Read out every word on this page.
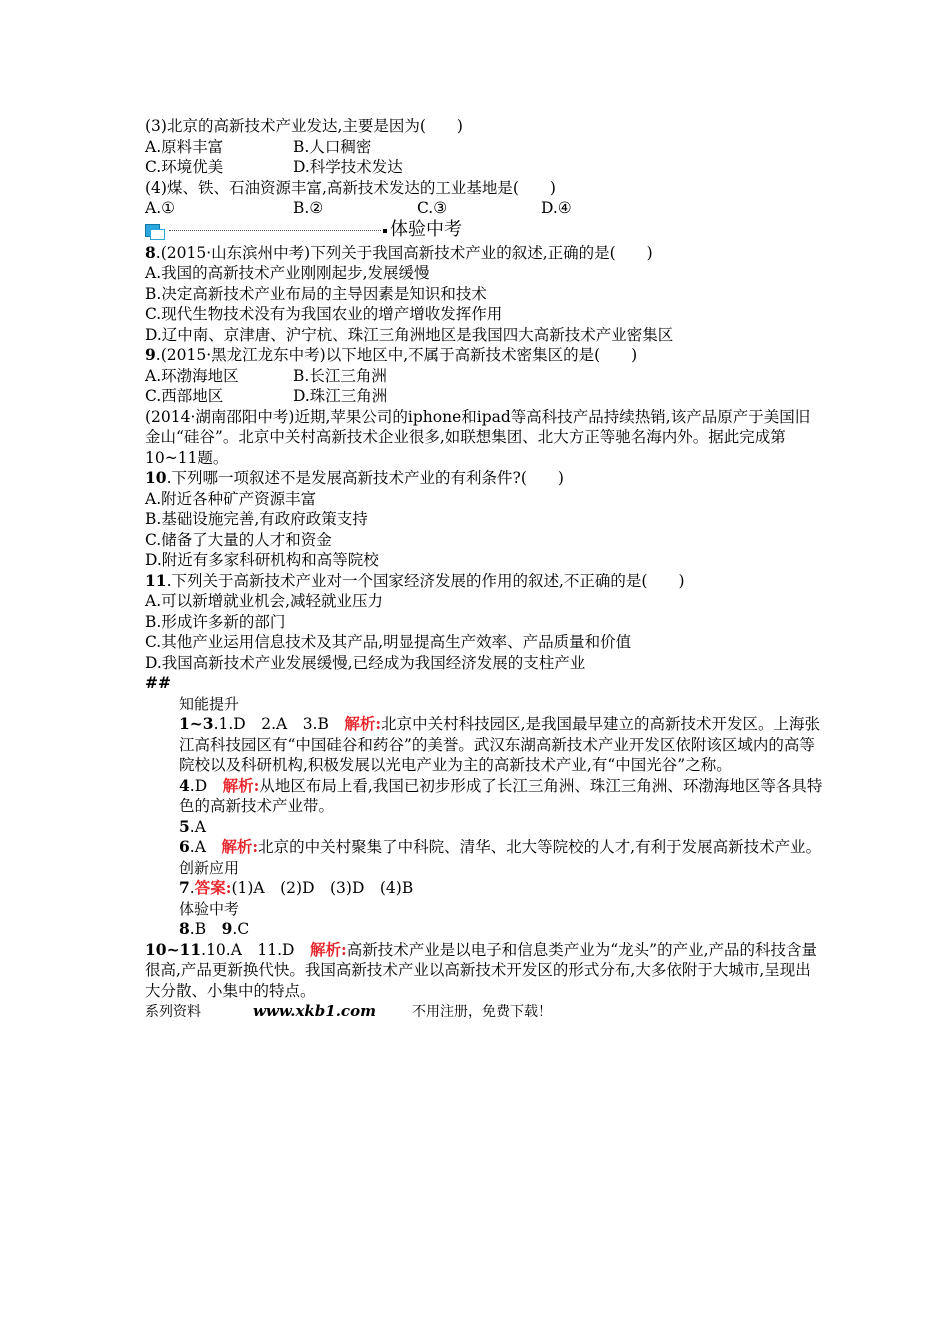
(3)北京的高新技术产业发达,主要是因为(　　)
A.原料丰富	B.人口稠密
C.环境优美	D.科学技术发达
(4)煤、铁、石油资源丰富,高新技术发达的工业基地是(　　)
A.①	B.②	C.③	D.④
体验中考
8.(2015·山东滨州中考)下列关于我国高新技术产业的叙述,正确的是(　　)
A.我国的高新技术产业刚刚起步,发展缓慢
B.决定高新技术产业布局的主导因素是知识和技术
C.现代生物技术没有为我国农业的增产增收发挥作用
D.辽中南、京津唐、沪宁杭、珠江三角洲地区是我国四大高新技术产业密集区
9.(2015·黑龙江龙东中考)以下地区中,不属于高新技术密集区的是(　　)
A.环渤海地区	B.长江三角洲
C.西部地区	D.珠江三角洲
(2014·湖南邵阳中考)近期,苹果公司的iphone和ipad等高科技产品持续热销,该产品原产于美国旧金山“硅谷”。北京中关村高新技术企业很多,如联想集团、北大方正等驰名海内外。据此完成第10~11题。
10.下列哪一项叙述不是发展高新技术产业的有利条件?(　　)
A.附近各种矿产资源丰富
B.基础设施完善,有政府政策支持
C.储备了大量的人才和资金
D.附近有多家科研机构和高等院校
11.下列关于高新技术产业对一个国家经济发展的作用的叙述,不正确的是(　　)
A.可以新增就业机会,减轻就业压力
B.形成许多新的部门
C.其他产业运用信息技术及其产品,明显提高生产效率、产品质量和价值
D.我国高新技术产业发展缓慢,已经成为我国经济发展的支柱产业
##
知能提升
1~3.1.D　2.A　3.B　解析:北京中关村科技园区,是我国最早建立的高新技术开发区。上海张江高科技园区有“中国硅谷和药谷”的美誉。武汉东湖高新技术产业开发区依附该区域内的高等院校以及科研机构,积极发展以光电产业为主的高新技术产业,有“中国光谷”之称。
4.D　解析:从地区布局上看,我国已初步形成了长江三角洲、珠江三角洲、环渤海地区等各具特色的高新技术产业带。
5.A
6.A　解析:北京的中关村聚集了中科院、清华、北大等院校的人才,有利于发展高新技术产业。
创新应用
7.答案:(1)A　(2)D　(3)D　(4)B
体验中考
8.B　9.C
10~11.10.A　11.D　解析:高新技术产业是以电子和信息类产业为“龙头”的产业,产品的科技含量很高,产品更新换代快。我国高新技术产业以高新技术开发区的形式分布,大多依附于大城市,呈现出大分散、小集中的特点。
系列资料	www.xkb1.com	不用注册，免费下载！
